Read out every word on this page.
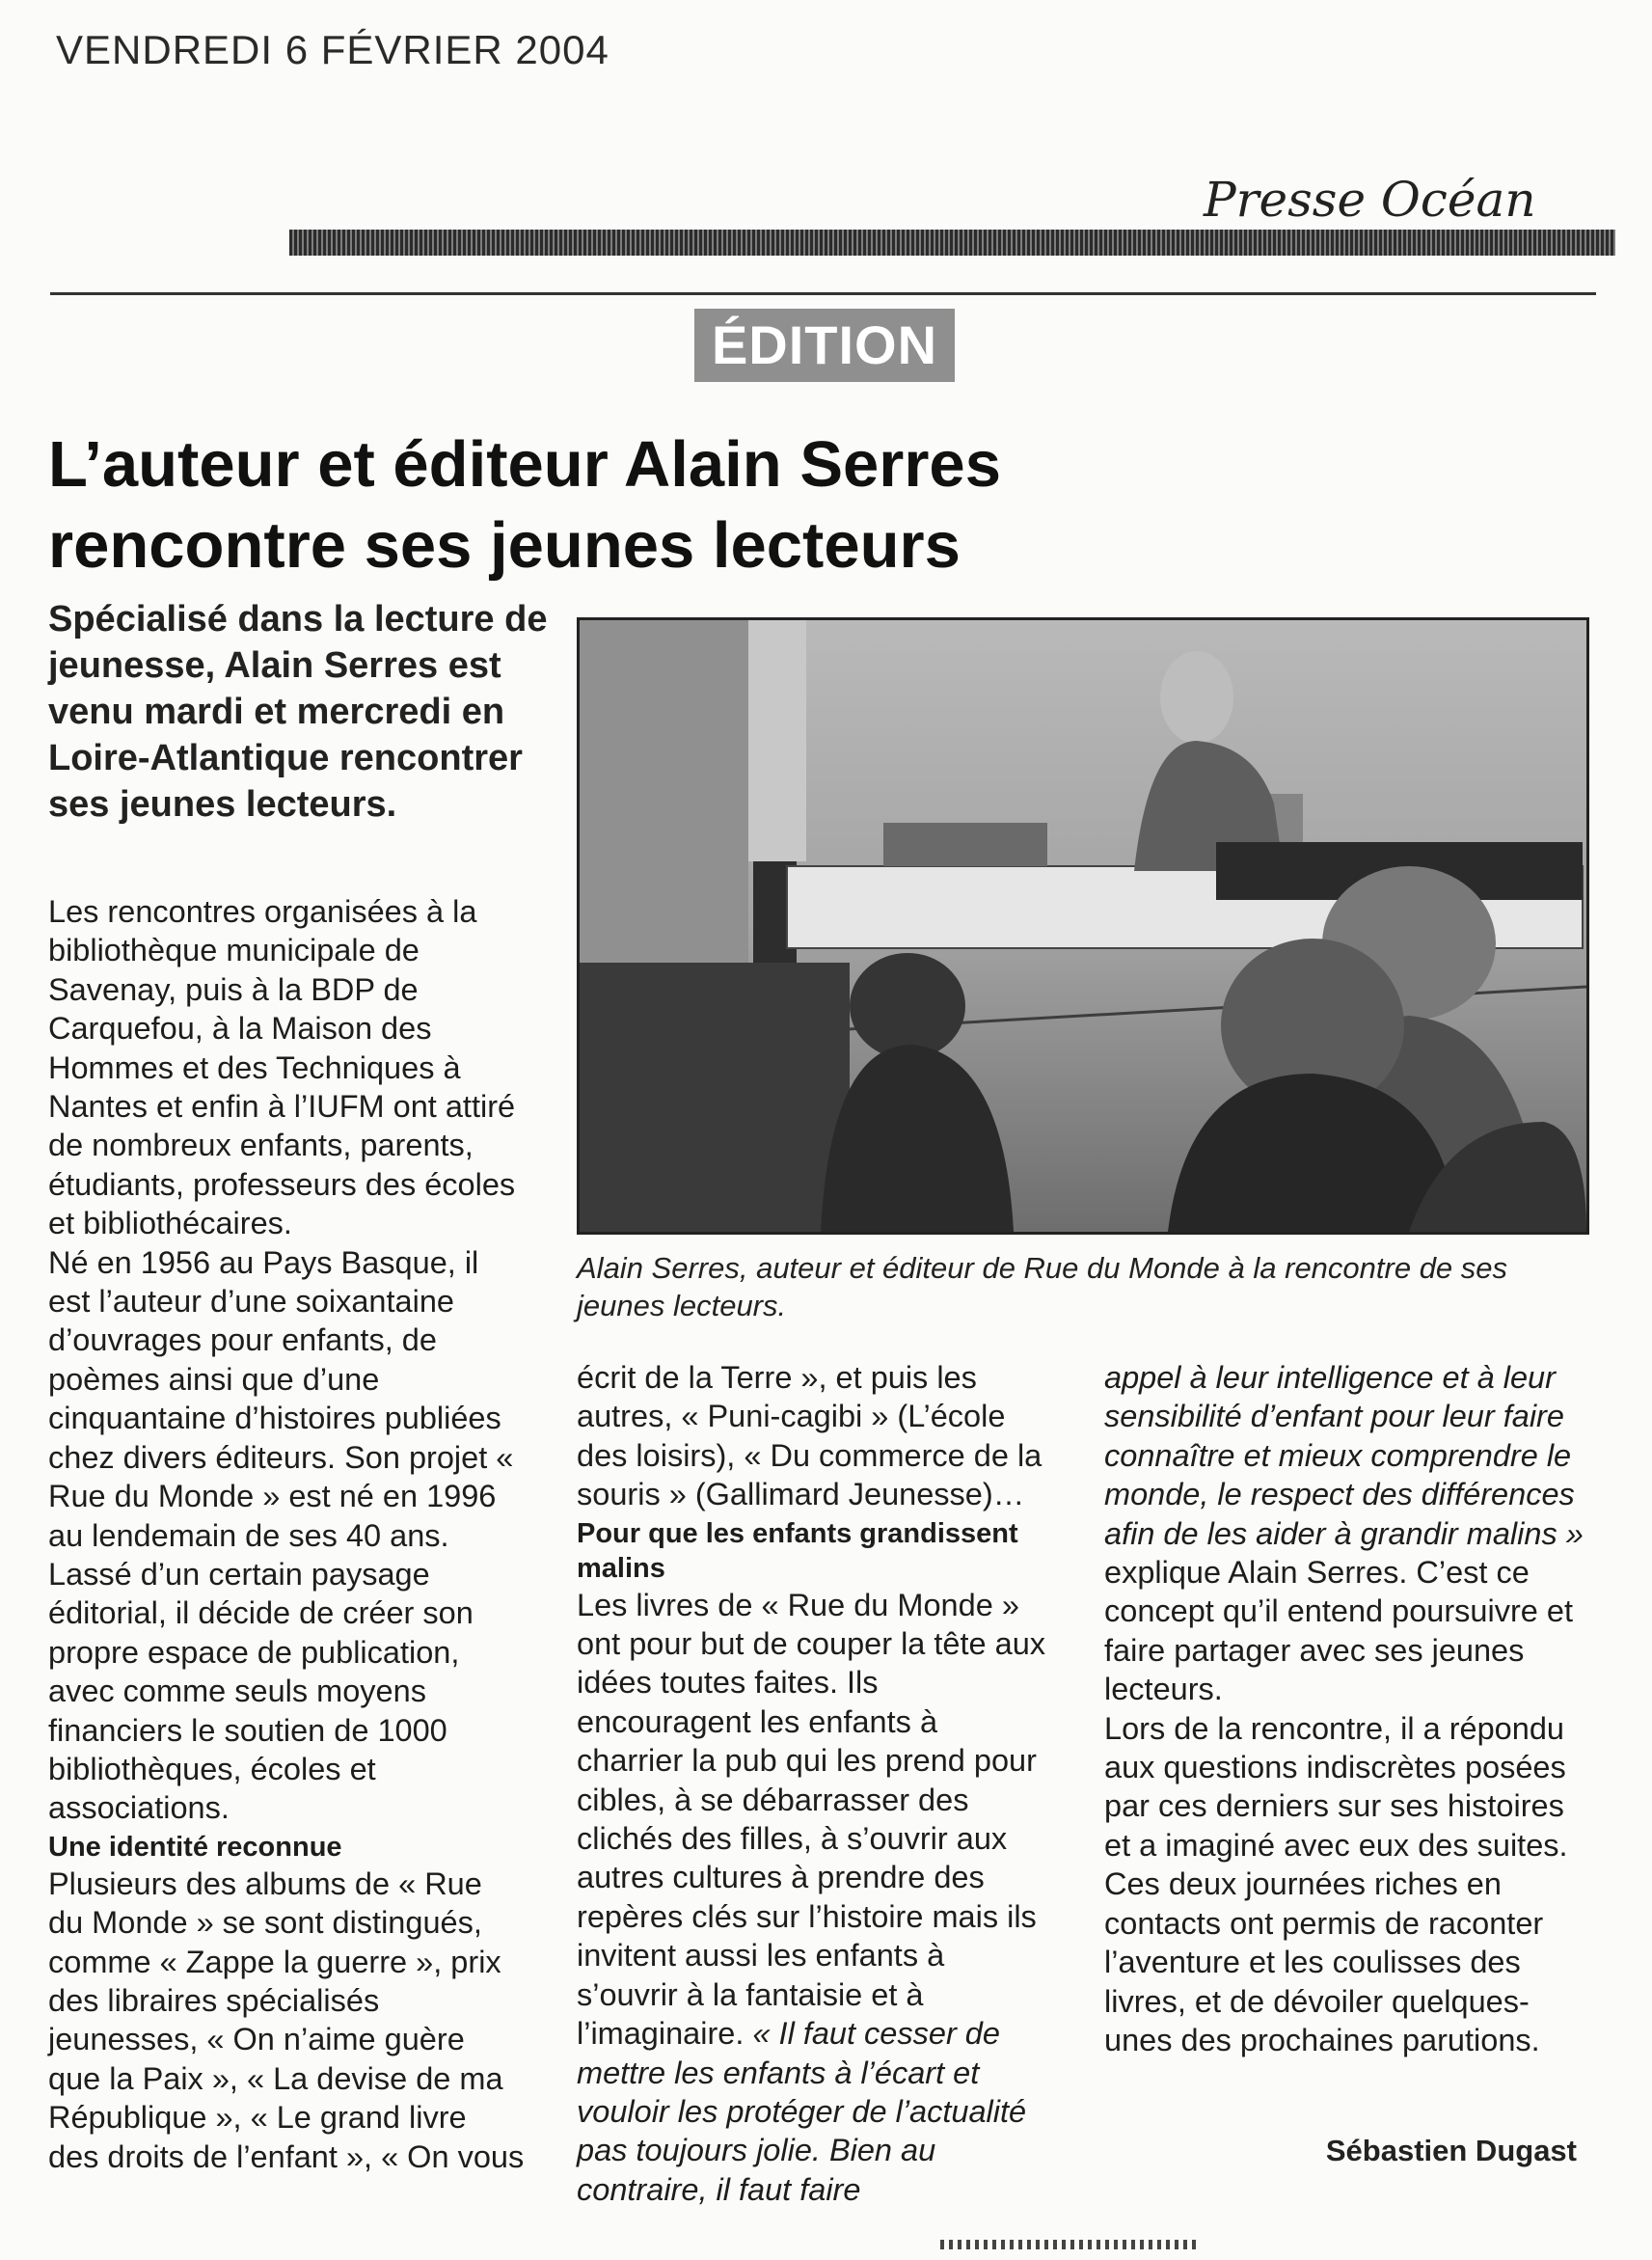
VENDREDI 6 FÉVRIER 2004
Presse Océan
ÉDITION
L’auteur et éditeur Alain Serres
rencontre ses jeunes lecteurs
Spécialisé dans la lecture de jeunesse, Alain Serres est venu mardi et mercredi en Loire-Atlantique rencontrer ses jeunes lecteurs.

Les rencontres organisées à la bibliothèque municipale de Savenay, puis à la BDP de Carquefou, à la Maison des Hommes et des Techniques à Nantes et enfin à l’IUFM ont attiré de nombreux enfants, parents, étudiants, professeurs des écoles et bibliothécaires.

Né en 1956 au Pays Basque, il est l’auteur d’une soixantaine d’ouvrages pour enfants, de poèmes ainsi que d’une cinquantaine d’histoires publiées chez divers éditeurs. Son projet « Rue du Monde » est né en 1996 au lendemain de ses 40 ans. Lassé d’un certain paysage éditorial, il décide de créer son propre espace de publication, avec comme seuls moyens financiers le soutien de 1000 bibliothèques, écoles et associations.

Une identité reconnue

Plusieurs des albums de « Rue du Monde » se sont distingués, comme « Zappe la guerre », prix des libraires spécialisés jeunesses, « On n’aime guère que la Paix », « La devise de ma République », « Le grand livre des droits de l’enfant », « On vous

Alain Serres, auteur et éditeur de Rue du Monde à la rencontre de ses jeunes lecteurs.

écrit de la Terre », et puis les autres, « Puni-cagibi » (L’école des loisirs), « Du commerce de la souris » (Gallimard Jeunesse)…

Pour que les enfants grandissent malins

Les livres de « Rue du Monde » ont pour but de couper la tête aux idées toutes faites. Ils encouragent les enfants à charrier la pub qui les prend pour cibles, à se débarrasser des clichés des filles, à s’ouvrir aux autres cultures à prendre des repères clés sur l’histoire mais ils invitent aussi les enfants à s’ouvrir à la fantaisie et à l’imaginaire. « Il faut cesser de mettre les enfants à l’écart et vouloir les protéger de l’actualité pas toujours jolie. Bien au contraire, il faut faire

appel à leur intelligence et à leur sensibilité d’enfant pour leur faire connaître et mieux comprendre le monde, le respect des différences afin de les aider à grandir malins » explique Alain Serres. C’est ce concept qu’il entend poursuivre et faire partager avec ses jeunes lecteurs.

Lors de la rencontre, il a répondu aux questions indiscrètes posées par ces derniers sur ses histoires et a imaginé avec eux des suites. Ces deux journées riches en contacts ont permis de raconter l’aventure et les coulisses des livres, et de dévoiler quelques-unes des prochaines parutions.

Sébastien Dugast
